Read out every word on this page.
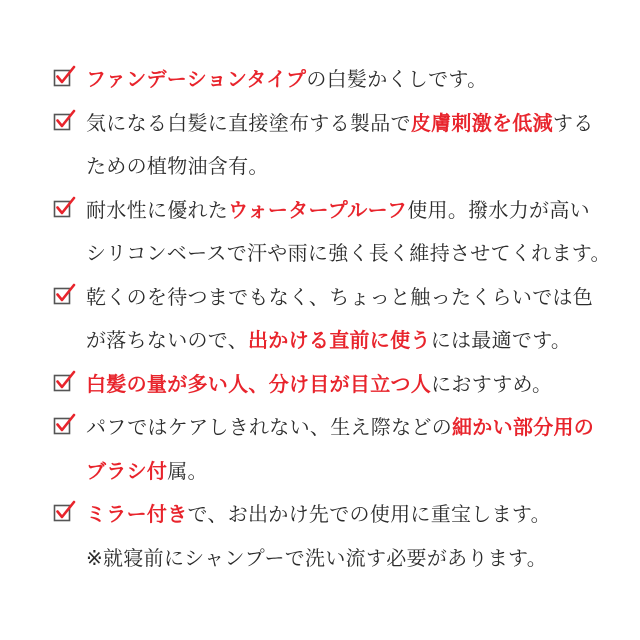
ファンデーションタイプの白髪かくしです。
気になる白髪に直接塗布する製品で皮膚刺激を低減する
ための植物油含有。
耐水性に優れたウォータープルーフ使用。撥水力が高い
シリコンベースで汗や雨に強く長く維持させてくれます。
乾くのを待つまでもなく、ちょっと触ったくらいでは色
が落ちないので、出かける直前に使うには最適です。
白髪の量が多い人、分け目が目立つ人におすすめ。
パフではケアしきれない、生え際などの細かい部分用の
ブラシ付属。
ミラー付きで、お出かけ先での使用に重宝します。
※就寝前にシャンプーで洗い流す必要があります。
